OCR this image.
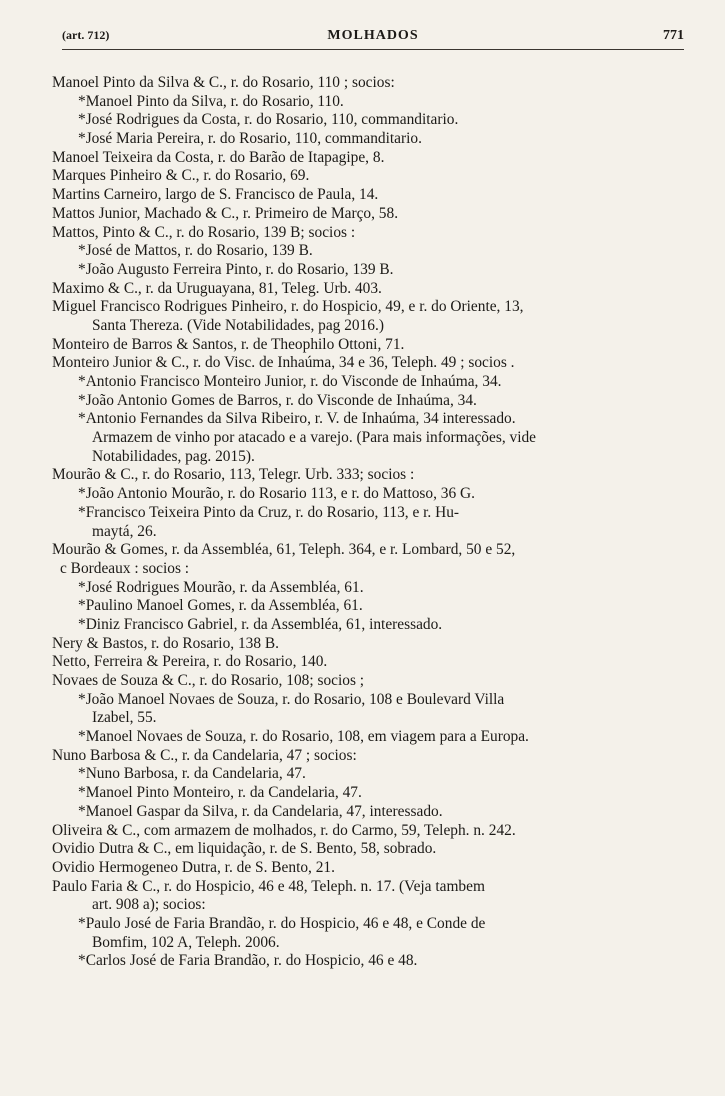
(art. 712)	MOLHADOS	771
Manoel Pinto da Silva & C., r. do Rosario, 110 ; socios:
*Manoel Pinto da Silva, r. do Rosario, 110.
*José Rodrigues da Costa, r. do Rosario, 110, commanditario.
*José Maria Pereira, r. do Rosario, 110, commanditario.
Manoel Teixeira da Costa, r. do Barão de Itapagipe, 8.
Marques Pinheiro & C., r. do Rosario, 69.
Martins Carneiro, largo de S. Francisco de Paula, 14.
Mattos Junior, Machado & C., r. Primeiro de Março, 58.
Mattos, Pinto & C., r. do Rosario, 139 B; socios :
*José de Mattos, r. do Rosario, 139 B.
*João Augusto Ferreira Pinto, r. do Rosario, 139 B.
Maximo & C., r. da Uruguayana, 81, Teleg. Urb. 403.
Miguel Francisco Rodrigues Pinheiro, r. do Hospicio, 49, e r. do Oriente, 13,
Santa Thereza. (Vide Notabilidades, pag 2016.)
Monteiro de Barros & Santos, r. de Theophilo Ottoni, 71.
Monteiro Junior & C., r. do Visc. de Inhaúma, 34 e 36, Teleph. 49 ; socios .
*Antonio Francisco Monteiro Junior, r. do Visconde de Inhaúma, 34.
*João Antonio Gomes de Barros, r. do Visconde de Inhaúma, 34.
*Antonio Fernandes da Silva Ribeiro, r. V. de Inhaúma, 34 interessado.
Armazem de vinho por atacado e a varejo. (Para mais informações, vide
Notabilidades, pag. 2015).
Mourão & C., r. do Rosario, 113, Telegr. Urb. 333; socios :
*João Antonio Mourão, r. do Rosario 113, e r. do Mattoso, 36 G.
*Francisco Teixeira Pinto da Cruz, r. do Rosario, 113, e r. Hu-
maytá, 26.
Mourão & Gomes, r. da Assembléa, 61, Teleph. 364, e r. Lombard, 50 e 52,
c Bordeaux : socios :
*José Rodrigues Mourão, r. da Assembléa, 61.
*Paulino Manoel Gomes, r. da Assembléa, 61.
*Diniz Francisco Gabriel, r. da Assembléa, 61, interessado.
Nery & Bastos, r. do Rosario, 138 B.
Netto, Ferreira & Pereira, r. do Rosario, 140.
Novaes de Souza & C., r. do Rosario, 108; socios ;
*João Manoel Novaes de Souza, r. do Rosario, 108 e Boulevard Villa
Izabel, 55.
*Manoel Novaes de Souza, r. do Rosario, 108, em viagem para a Europa.
Nuno Barbosa & C., r. da Candelaria, 47 ; socios:
*Nuno Barbosa, r. da Candelaria, 47.
*Manoel Pinto Monteiro, r. da Candelaria, 47.
*Manoel Gaspar da Silva, r. da Candelaria, 47, interessado.
Oliveira & C., com armazem de molhados, r. do Carmo, 59, Teleph. n. 242.
Ovidio Dutra & C., em liquidação, r. de S. Bento, 58, sobrado.
Ovidio Hermogeneo Dutra, r. de S. Bento, 21.
Paulo Faria & C., r. do Hospicio, 46 e 48, Teleph. n. 17. (Veja tambem
art. 908 a); socios:
*Paulo José de Faria Brandão, r. do Hospicio, 46 e 48, e Conde de
Bomfim, 102 A, Teleph. 2006.
*Carlos José de Faria Brandão, r. do Hospicio, 46 e 48.
